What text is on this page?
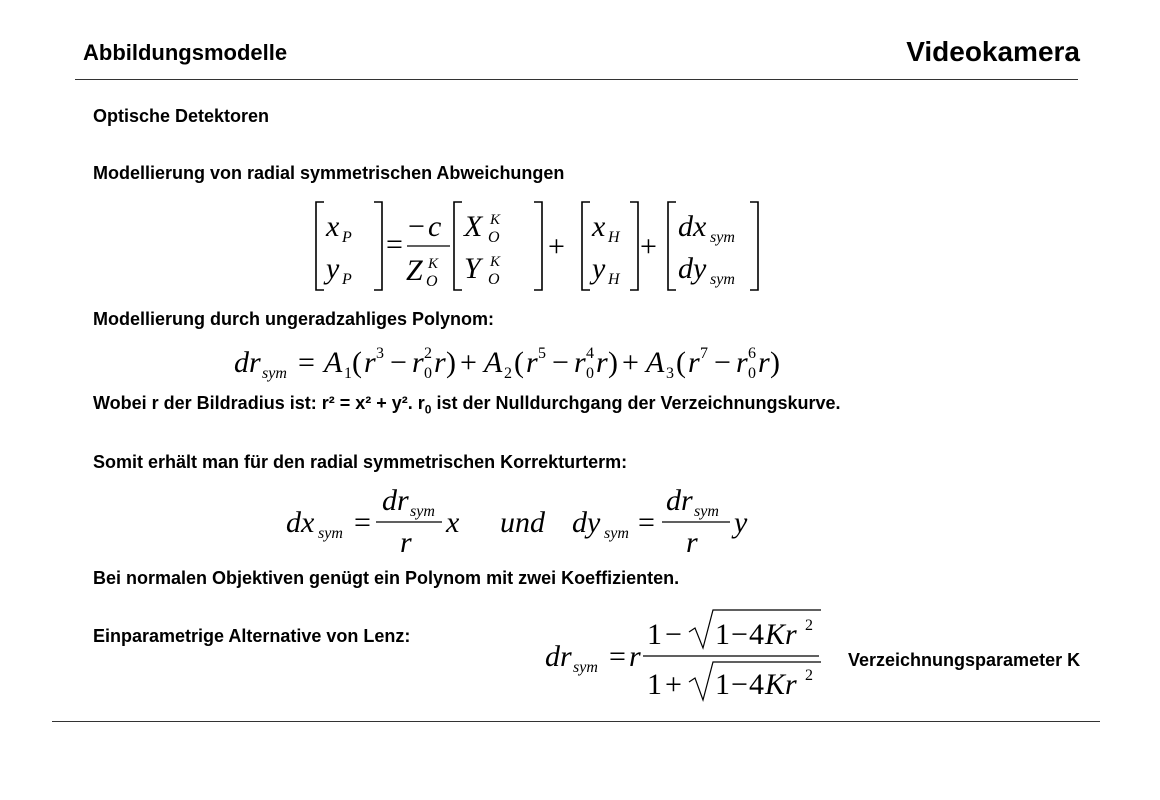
Abbildungsmodelle	Videokamera
Optische Detektoren
Modellierung von radial symmetrischen Abweichungen
x P
y P
=
− c
Z K
O
X K
O
Y K
O
+
x H
y H
+
dx sym
dy sym
Modellierung durch ungeradzahliges Polynom:
dr sym = A 1 ( r 3 − r 0
2 r ) + A 2 ( r 5 − r 0
4 r ) + A 3 ( r 7 − r 0
6 r )
Wobei r der Bildradius ist: r² = x² + y². $r_0$ ist der Nulldurchgang der Verzeichnungskurve.
Somit erhält man für den radial symmetrischen Korrekturterm:
dx sym =
dr sym
r
x und dy sym =
dr sym
r
y
Bei normalen Objektiven genügt ein Polynom mit zwei Koeffizienten.
Einparametrige Alternative von Lenz:
dr sym = r
1 − 1 − 4 Kr 2
1 + 1 − 4 Kr 2
Verzeichnungsparameter K
